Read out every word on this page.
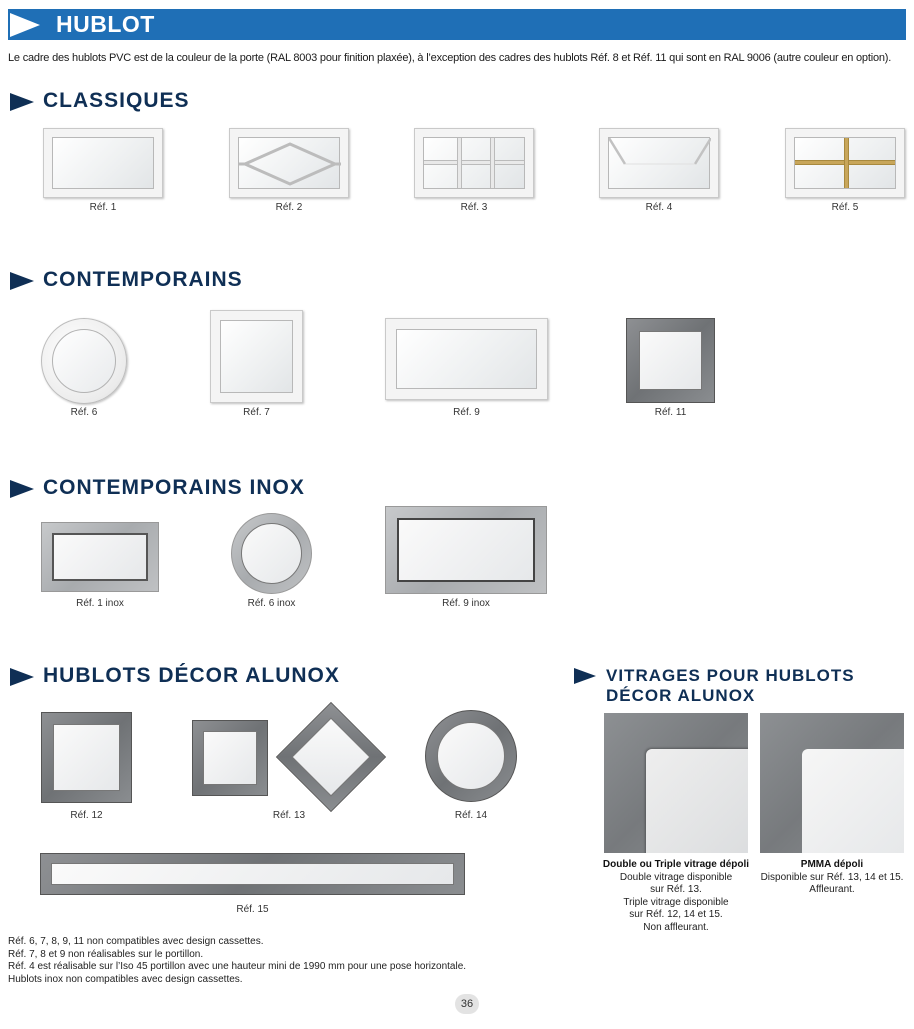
HUBLOT
Le cadre des hublots PVC est de la couleur de la porte (RAL 8003 pour finition plaxée), à l’exception des cadres des hublots Réf. 8 et Réf. 11 qui sont en RAL 9006 (autre couleur en option).
CLASSIQUES
Réf. 1	Réf. 2	Réf. 3	Réf. 4	Réf. 5
CONTEMPORAINS
Réf. 6	Réf. 7	Réf. 9	Réf. 11
CONTEMPORAINS INOX
Réf. 1 inox	Réf. 6 inox	Réf. 9 inox
HUBLOTS DÉCOR ALUNOX
Réf. 12	Réf. 13	Réf. 14
Réf. 15
VITRAGES POUR HUBLOTS
DÉCOR ALUNOX
Double ou Triple vitrage dépoli
Double vitrage disponible
sur Réf. 13.
Triple vitrage disponible
sur Réf. 12, 14 et 15.
Non affleurant.
PMMA dépoli
Disponible sur Réf. 13, 14 et 15.
Affleurant.
Réf. 6, 7, 8, 9, 11 non compatibles avec design cassettes.
Réf. 7, 8 et 9 non réalisables sur le portillon.
Réf. 4 est réalisable sur l’Iso 45 portillon avec une hauteur mini de 1990 mm pour une pose horizontale.
Hublots inox non compatibles avec design cassettes.
36
